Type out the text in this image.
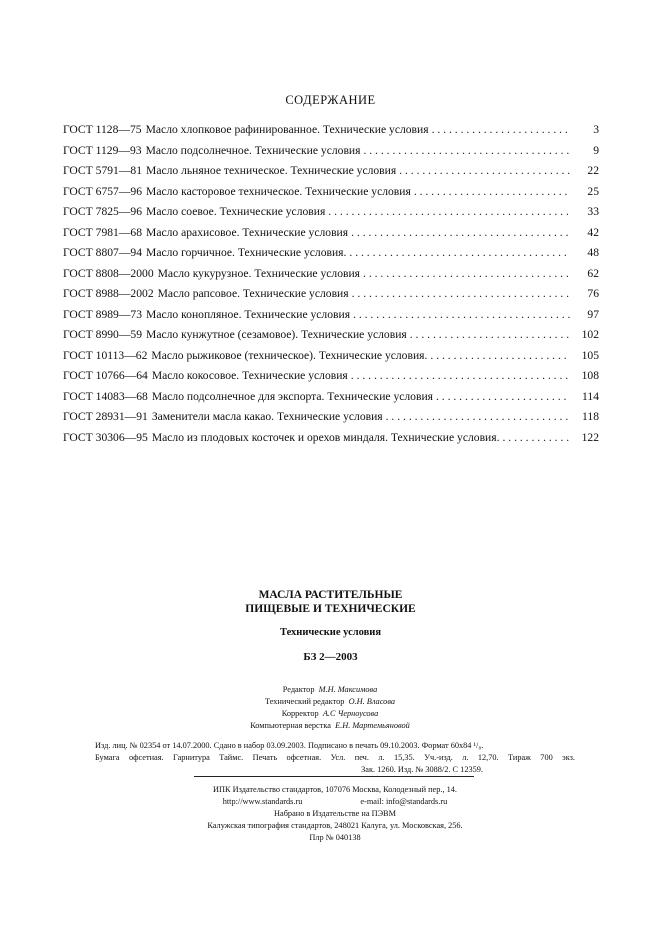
СОДЕРЖАНИЕ
ГОСТ 1128—75 Масло хлопковое рафинированное. Технические условия . . .	3
ГОСТ 1129—93 Масло подсолнечное. Технические условия . . .	9
ГОСТ 5791—81 Масло льняное техническое. Технические условия . . .	22
ГОСТ 6757—96 Масло касторовое техническое. Технические условия . . .	25
ГОСТ 7825—96 Масло соевое. Технические условия . . .	33
ГОСТ 7981—68 Масло арахисовое. Технические условия . . .	42
ГОСТ 8807—94 Масло горчичное. Технические условия. . . .	48
ГОСТ 8808—2000 Масло кукурузное. Технические условия . . .	62
ГОСТ 8988—2002 Масло рапсовое. Технические условия . . .	76
ГОСТ 8989—73 Масло конопляное. Технические условия . . .	97
ГОСТ 8990—59 Масло кунжутное (сезамовое). Технические условия . . .	102
ГОСТ 10113—62 Масло рыжиковое (техническое). Технические условия. . . .	105
ГОСТ 10766—64 Масло кокосовое. Технические условия . . .	108
ГОСТ 14083—68 Масло подсолнечное для экспорта. Технические условия . . .	114
ГОСТ 28931—91 Заменители масла какао. Технические условия . . .	118
ГОСТ 30306—95 Масло из плодовых косточек и орехов миндаля. Технические условия. . . .	122
МАСЛА РАСТИТЕЛЬНЫЕ
ПИЩЕВЫЕ И ТЕХНИЧЕСКИЕ
Технические условия
БЗ 2—2003
Редактор М.Н. Максимова
Технический редактор О.Н. Власова
Корректор А.С Черноусова
Компьютерная верстка Е.Н. Мартемьяновой
Изд. лиц. № 02354 от 14.07.2000. Сдано в набор 03.09.2003. Подписано в печать 09.10.2003. Формат 60x84 ¹/₈.
Бумага офсетная. Гарнитура Таймс. Печать офсетная. Усл. печ. л. 15,35. Уч.-изд. л. 12,70. Тираж 700 экз.
Зак. 1260. Изд. № 3088/2. С 12359.
ИПК Издательство стандартов, 107076 Москва, Колодезный пер., 14.
http://www.standards.ru	e-mail: info@standards.ru
Набрано в Издательстве на ПЭВМ
Калужская типография стандартов, 248021 Калуга, ул. Московская, 256.
Плр № 040138
